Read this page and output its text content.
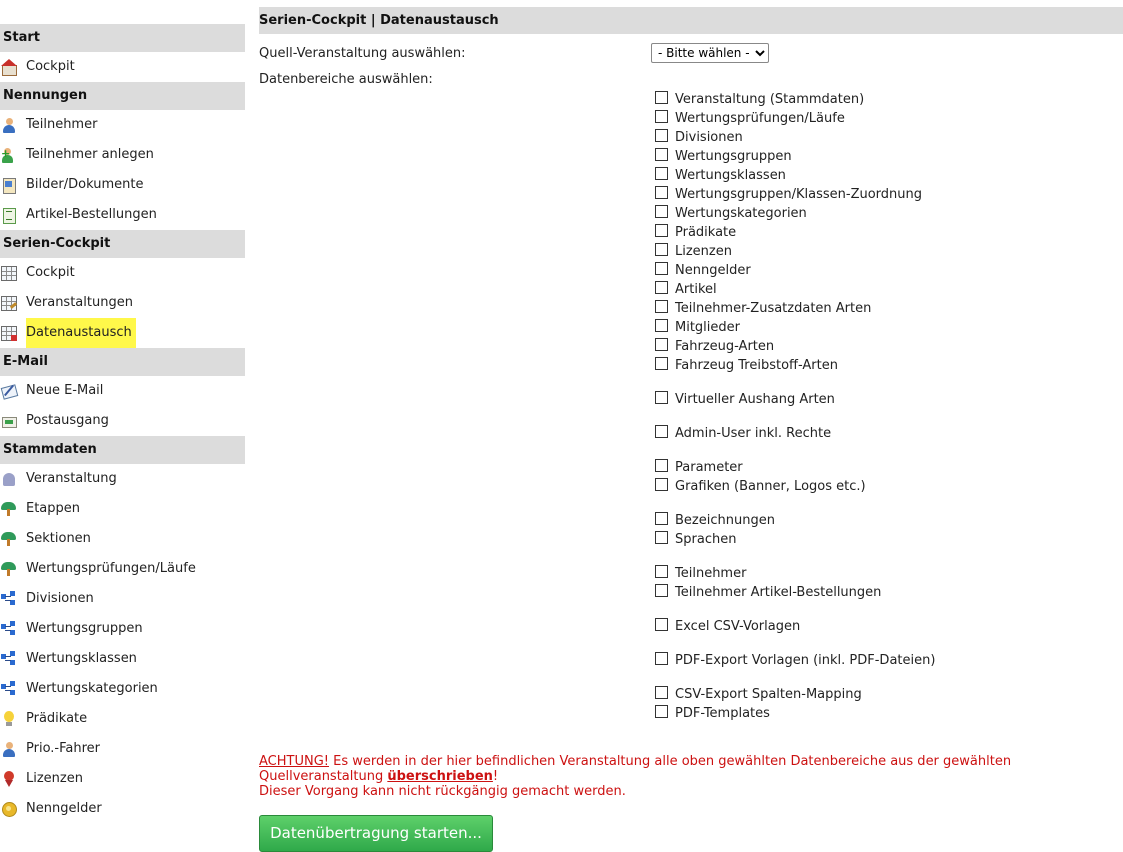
Start
Cockpit
Nennungen
Teilnehmer
+
Teilnehmer anlegen
Bilder/Dokumente
Artikel-Bestellungen
Serien-Cockpit
Cockpit
Veranstaltungen
Datenaustausch
E-Mail
Neue E-Mail
Postausgang
Stammdaten
Veranstaltung
Etappen
Sektionen
Wertungsprüfungen/Läufe
Divisionen
Wertungsgruppen
Wertungsklassen
Wertungskategorien
Prädikate
Prio.-Fahrer
Lizenzen
Nenngelder
Serien-Cockpit | Datenaustausch
Quell-Veranstaltung auswählen:
- Bitte wählen -
Datenbereiche auswählen:
Veranstaltung (Stammdaten)
Wertungsprüfungen/Läufe
Divisionen
Wertungsgruppen
Wertungsklassen
Wertungsgruppen/Klassen-Zuordnung
Wertungskategorien
Prädikate
Lizenzen
Nenngelder
Artikel
Teilnehmer-Zusatzdaten Arten
Mitglieder
Fahrzeug-Arten
Fahrzeug Treibstoff-Arten
Virtueller Aushang Arten
Admin-User inkl. Rechte
Parameter
Grafiken (Banner, Logos etc.)
Bezeichnungen
Sprachen
Teilnehmer
Teilnehmer Artikel-Bestellungen
Excel CSV-Vorlagen
PDF-Export Vorlagen (inkl. PDF-Dateien)
CSV-Export Spalten-Mapping
PDF-Templates
ACHTUNG! Es werden in der hier befindlichen Veranstaltung alle oben gewählten Datenbereiche aus der gewählten Quellveranstaltung überschrieben!
Dieser Vorgang kann nicht rückgängig gemacht werden.
Datenübertragung starten...
